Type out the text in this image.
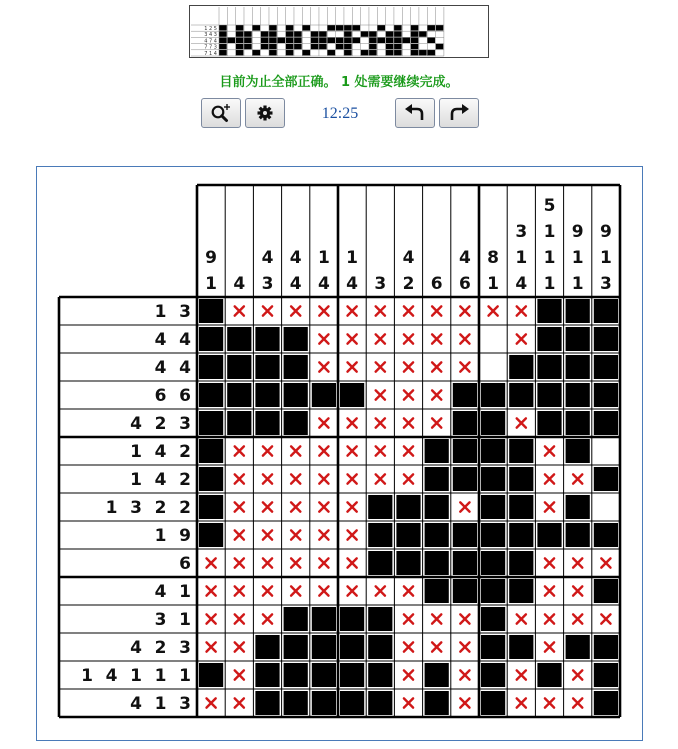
1 2 5
3 4 3
4 7 4
7 7 3
7 1 4
目前为止全部正确。 1 处需要继续完成。
12:25
9
1 4
4
3
4
4
1
4
1
4 3
4
2 6
4
6
8
1
3
1
4
5
1
1
1
9
1
1
9
1
3
1 3
4 4
4 4
6 6
4 2 3
1 4 2
1 4 2
1 3 2 2
1 9
6
4 1
3 1
4 2 3
1 4 1 1 1
4 1 3
